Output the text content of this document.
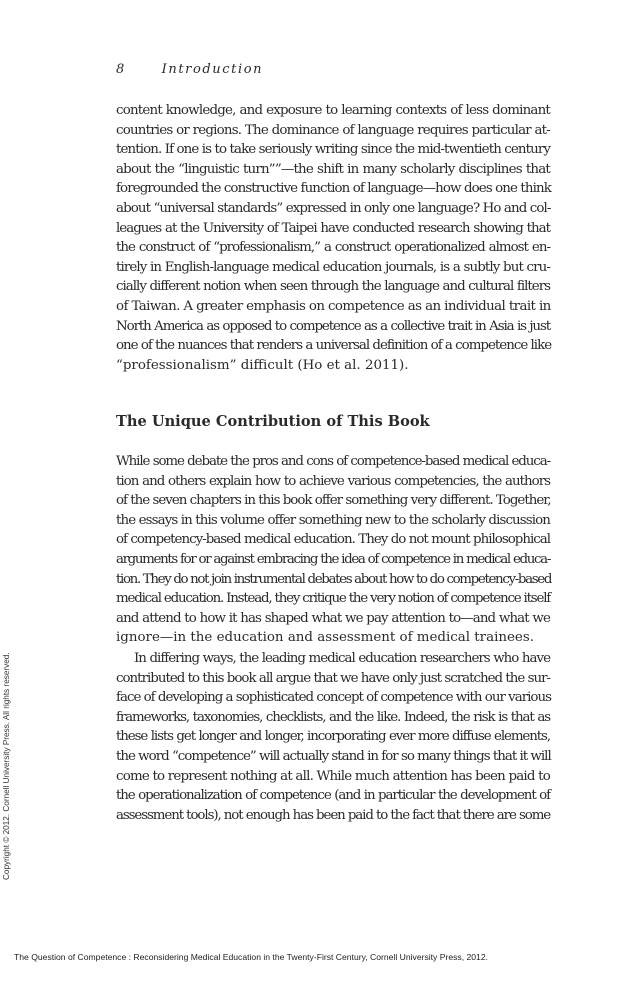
8	Introduction
content knowledge, and exposure to learning contexts of less dominant
countries or regions. The dominance of language requires particular at-
tention. If one is to take seriously writing since the mid-twentieth century
about the “linguistic turn””—the shift in many scholarly disciplines that
foregrounded the constructive function of language—how does one think
about “universal standards” expressed in only one language? Ho and col-
leagues at the University of Taipei have conducted research showing that
the construct of “professionalism,” a construct operationalized almost en-
tirely in English-language medical education journals, is a subtly but cru-
cially different notion when seen through the language and cultural filters
of Taiwan. A greater emphasis on competence as an individual trait in
North America as opposed to competence as a collective trait in Asia is just
one of the nuances that renders a universal definition of a competence like
“professionalism” difficult (Ho et al. 2011).
The Unique Contribution of This Book
While some debate the pros and cons of competence-based medical educa-
tion and others explain how to achieve various competencies, the authors
of the seven chapters in this book offer something very different. Together,
the essays in this volume offer something new to the scholarly discussion
of competency-based medical education. They do not mount philosophical
arguments for or against embracing the idea of competence in medical educa-
tion. They do not join instrumental debates about how to do competency-based
medical education. Instead, they critique the very notion of competence itself
and attend to how it has shaped what we pay attention to—and what we
ignore—in the education and assessment of medical trainees.
In differing ways, the leading medical education researchers who have
contributed to this book all argue that we have only just scratched the sur-
face of developing a sophisticated concept of competence with our various
frameworks, taxonomies, checklists, and the like. Indeed, the risk is that as
these lists get longer and longer, incorporating ever more diffuse elements,
the word “competence” will actually stand in for so many things that it will
come to represent nothing at all. While much attention has been paid to
the operationalization of competence (and in particular the development of
assessment tools), not enough has been paid to the fact that there are some
Copyright © 2012. Cornell University Press. All rights reserved.
The Question of Competence : Reconsidering Medical Education in the Twenty-First Century, Cornell University Press, 2012.
